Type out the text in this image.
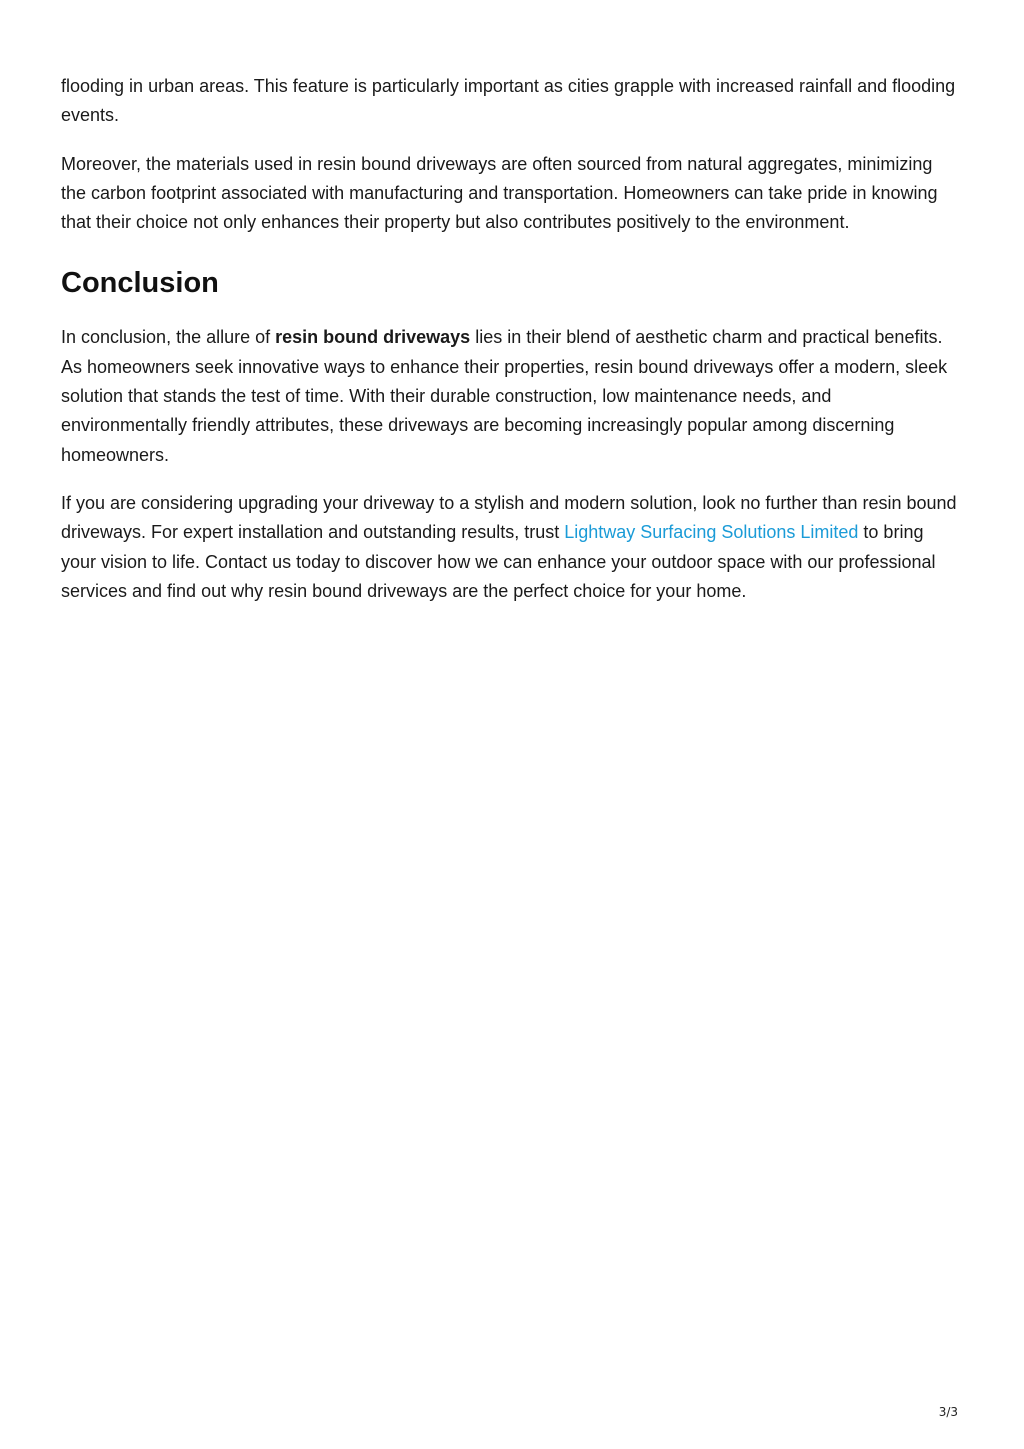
flooding in urban areas. This feature is particularly important as cities grapple with increased rainfall and flooding events.

Moreover, the materials used in resin bound driveways are often sourced from natural aggregates, minimizing the carbon footprint associated with manufacturing and transportation. Homeowners can take pride in knowing that their choice not only enhances their property but also contributes positively to the environment.

Conclusion

In conclusion, the allure of resin bound driveways lies in their blend of aesthetic charm and practical benefits. As homeowners seek innovative ways to enhance their properties, resin bound driveways offer a modern, sleek solution that stands the test of time. With their durable construction, low maintenance needs, and environmentally friendly attributes, these driveways are becoming increasingly popular among discerning homeowners.

If you are considering upgrading your driveway to a stylish and modern solution, look no further than resin bound driveways. For expert installation and outstanding results, trust Lightway Surfacing Solutions Limited to bring your vision to life. Contact us today to discover how we can enhance your outdoor space with our professional services and find out why resin bound driveways are the perfect choice for your home.

3/3
